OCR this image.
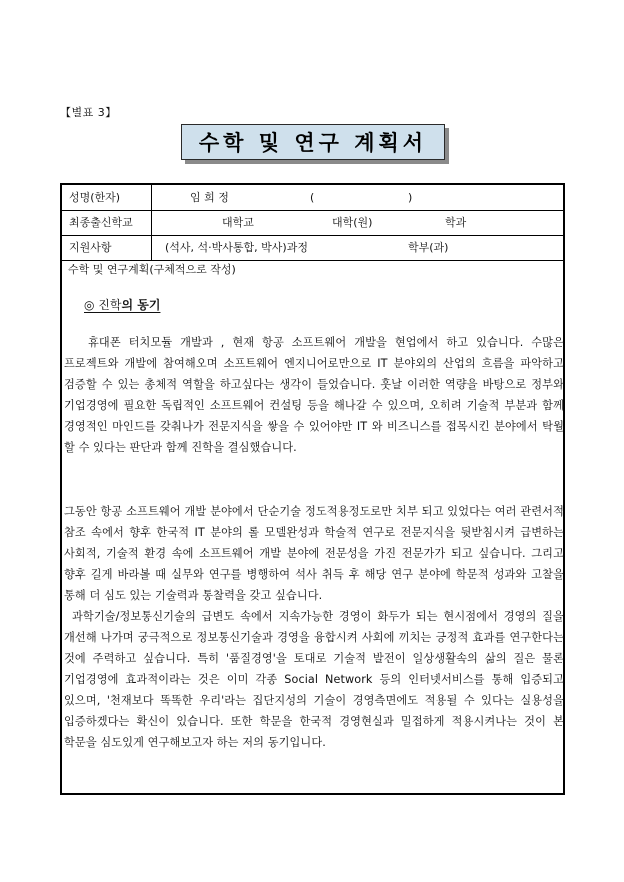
【별표 3】
수학 및 연구 계획서
성명(한자)	임 희 정	(	)
최종출신학교	대학교	대학(원)	학과
지원사항	(석사, 석·박사통합, 박사)과정	학부(과)
수학 및 연구계획(구체적으로 작성)
◎ 진학의 동기
휴대폰 터치모듈 개발과 , 현재 항공 소프트웨어 개발을 현업에서 하고 있습니다. 수많은 프로젝트와 개발에 참여해오며 소프트웨어 엔지니어로만으로 IT 분야외의 산업의 흐름을 파악하고 검증할 수 있는 총체적 역할을 하고싶다는 생각이 들었습니다. 훗날 이러한 역량을 바탕으로 정부와 기업경영에 필요한 독립적인 소프트웨어 컨설팅 등을 해나갈 수 있으며, 오히려 기술적 부분과 함께 경영적인 마인드를 갖춰나가 전문지식을 쌓을 수 있어야만 IT 와 비즈니스를 접목시킨 분야에서 탁월 할 수 있다는 판단과 함께 진학을 결심했습니다.
그동안 항공 소프트웨어 개발 분야에서 단순기술 정도적용정도로만 치부 되고 있었다는 여러 관련서적 참조 속에서 향후 한국적 IT 분야의 롤 모델완성과 학술적 연구로 전문지식을 뒷받침시켜 급변하는 사회적, 기술적 환경 속에 소프트웨어 개발 분야에 전문성을 가진 전문가가 되고 싶습니다. 그리고 향후 길게 바라볼 때 실무와 연구를 병행하여 석사 취득 후 해당 연구 분야에 학문적 성과와 고찰을 통해 더 심도 있는 기술력과 통찰력을 갖고 싶습니다.
과학기술/정보통신기술의 급변도 속에서 지속가능한 경영이 화두가 되는 현시점에서 경영의 질을 개선해 나가며 궁극적으로 정보통신기술과 경영을 융합시켜 사회에 끼치는 긍정적 효과를 연구한다는 것에 주력하고 싶습니다. 특히 '품질경영'을 토대로 기술적 발전이 일상생활속의 삶의 질은 물론 기업경영에 효과적이라는 것은 이미 각종 Social Network 등의 인터넷서비스를 통해 입증되고 있으며, '천재보다 똑똑한 우리'라는 집단지성의 기술이 경영측면에도 적용될 수 있다는 실용성을 입증하겠다는 확신이 있습니다. 또한 학문을 한국적 경영현실과 밀접하게 적용시켜나는 것이 본 학문을 심도있게 연구해보고자 하는 저의 동기입니다.
